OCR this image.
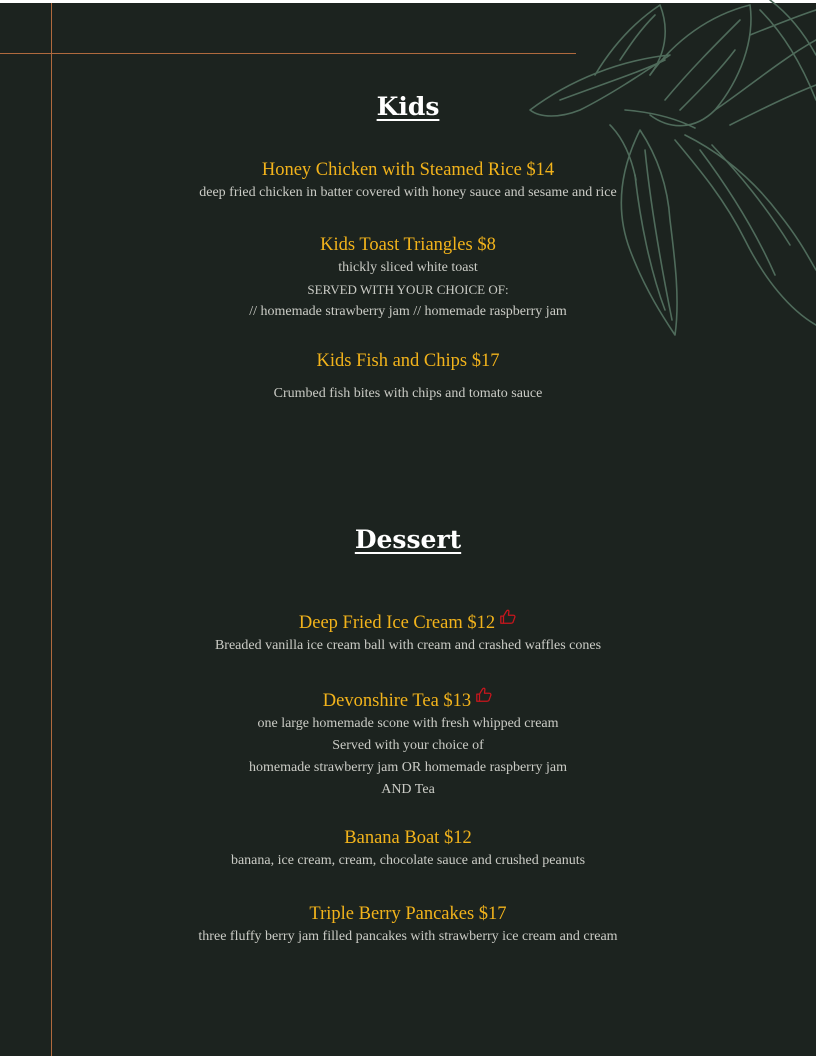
Kids
Honey Chicken with Steamed Rice $14
deep fried chicken in batter covered with honey sauce and sesame and rice
Kids Toast Triangles $8
thickly sliced white toast
SERVED WITH YOUR CHOICE OF:
// homemade strawberry jam // homemade raspberry jam
Kids Fish and Chips $17
Crumbed fish bites with chips and tomato sauce
Dessert
Deep Fried Ice Cream $12
Breaded vanilla ice cream ball with cream and crashed waffles cones
Devonshire Tea $13
one large homemade scone with fresh whipped cream
Served with your choice of
homemade strawberry jam OR homemade raspberry jam
AND Tea
Banana Boat $12
banana, ice cream, cream, chocolate sauce and crushed peanuts
Triple Berry Pancakes $17
three fluffy berry jam filled pancakes with strawberry ice cream and cream
